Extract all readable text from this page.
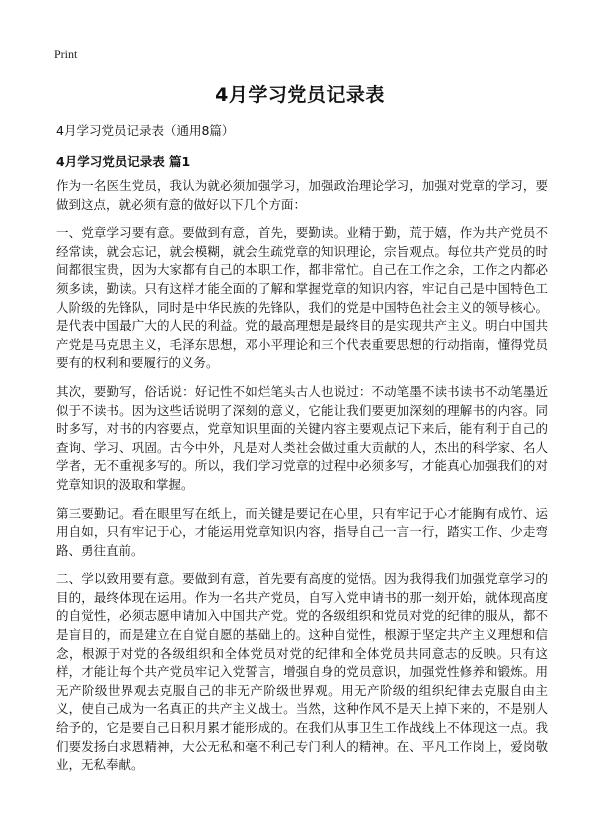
Print
4月学习党员记录表
4月学习党员记录表（通用8篇）
4月学习党员记录表 篇1

作为一名医生党员，我认为就必须加强学习，加强政治理论学习，加强对党章的学习，要做到这点，就必须有意的做好以下几个方面：

一、党章学习要有意。要做到有意，首先，要勤读。业精于勤，荒于嬉，作为共产党员不经常读，就会忘记，就会模糊，就会生疏党章的知识理论，宗旨观点。每位共产党员的时间都很宝贵，因为大家都有自己的本职工作，都非常忙。自己在工作之余，工作之内都必须多读，勤读。只有这样才能全面的了解和掌握党章的知识内容，牢记自己是中国特色工人阶级的先锋队，同时是中华民族的先锋队，我们的党是中国特色社会主义的领导核心。是代表中国最广大的人民的利益。党的最高理想是最终目的是实现共产主义。明白中国共产党是马克思主义，毛泽东思想，邓小平理论和三个代表重要思想的行动指南，懂得党员要有的权利和要履行的义务。

其次，要勤写，俗话说：好记性不如烂笔头古人也说过：不动笔墨不读书读书不动笔墨近似于不读书。因为这些话说明了深刻的意义，它能让我们要更加深刻的理解书的内容。同时多写，对书的内容要点，党章知识里面的关键内容主要观点记下来后，能有利于自己的查询、学习、巩固。古今中外，凡是对人类社会做过重大贡献的人，杰出的科学家、名人学者，无不重视多写的。所以，我们学习党章的过程中必须多写，才能真心加强我们的对党章知识的汲取和掌握。

第三要勤记。看在眼里写在纸上，而关键是要记在心里，只有牢记于心才能胸有成竹、运用自如，只有牢记于心，才能运用党章知识内容，指导自己一言一行，踏实工作、少走弯路、勇往直前。

二、学以致用要有意。要做到有意，首先要有高度的觉悟。因为我得我们加强党章学习的目的，最终体现在运用。作为一名共产党员，自写入党申请书的那一刻开始，就体现高度的自觉性，必须志愿申请加入中国共产党。党的各级组织和党员对党的纪律的服从，都不是盲目的，而是建立在自觉自愿的基础上的。这种自觉性，根源于坚定共产主义理想和信念，根源于对党的各级组织和全体党员对党的纪律和全体党员共同意志的反映。只有这样，才能让每个共产党员牢记入党誓言，增强自身的党员意识，加强党性修养和锻炼。用无产阶级世界观去克服自己的非无产阶级世界观。用无产阶级的组织纪律去克服自由主义，使自己成为一名真正的共产主义战士。当然，这种作风不是天上掉下来的，不是别人给予的，它是要自己日积月累才能形成的。在我们从事卫生工作战线上不体现这一点。我们要发扬白求恩精神，大公无私和毫不利己专门利人的精神。在、平凡工作岗上，爱岗敬业，无私奉献。
